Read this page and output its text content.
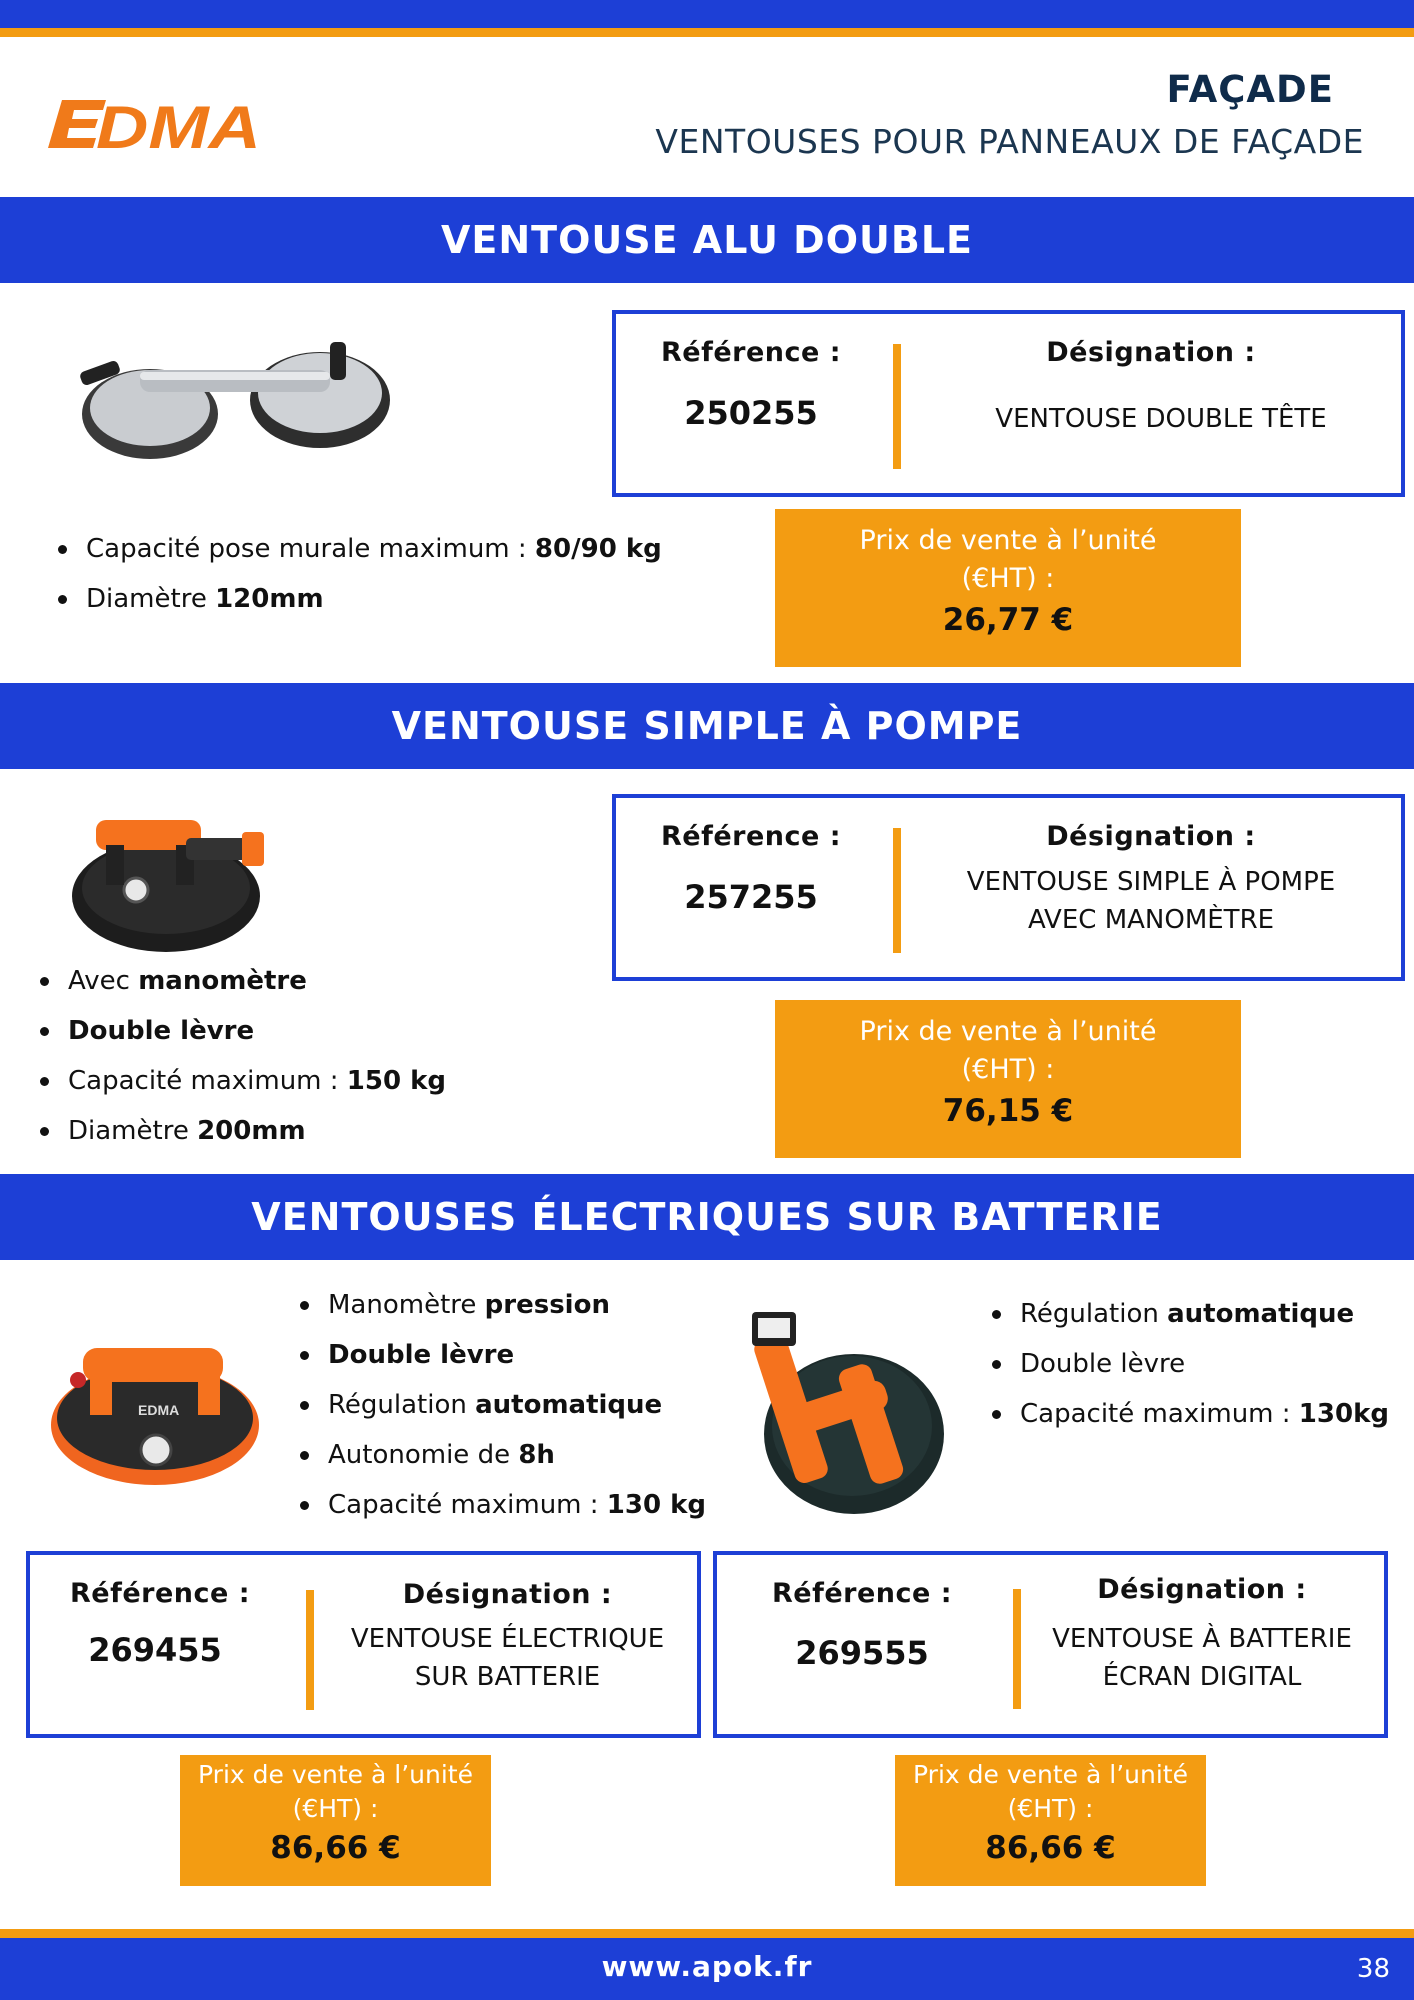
DMA
FAÇADE
VENTOUSES POUR PANNEAUX DE FAÇADE
VENTOUSE ALU DOUBLE
Référence :
250255
Désignation :
VENTOUSE DOUBLE TÊTE
Capacité pose murale maximum : 80/90 kg
Diamètre 120mm
Prix de vente à l’unité
(€HT) :
26,77 €
VENTOUSE SIMPLE À POMPE
Référence :
257255
Désignation :
VENTOUSE SIMPLE À POMPE
AVEC MANOMÈTRE
Avec manomètre
Double lèvre
Capacité maximum : 150 kg
Diamètre 200mm
Prix de vente à l’unité
(€HT) :
76,15 €
VENTOUSES ÉLECTRIQUES SUR BATTERIE
EDMA
Manomètre pression
Double lèvre
Régulation automatique
Autonomie de 8h
Capacité maximum : 130 kg
Régulation automatique
Double lèvre
Capacité maximum : 130kg
Référence :
269455
Désignation :
VENTOUSE ÉLECTRIQUE
SUR BATTERIE
Référence :
269555
Désignation :
VENTOUSE À BATTERIE
ÉCRAN DIGITAL
Prix de vente à l’unité
(€HT) :
86,66 €
Prix de vente à l’unité
(€HT) :
86,66 €
www.apok.fr	38
